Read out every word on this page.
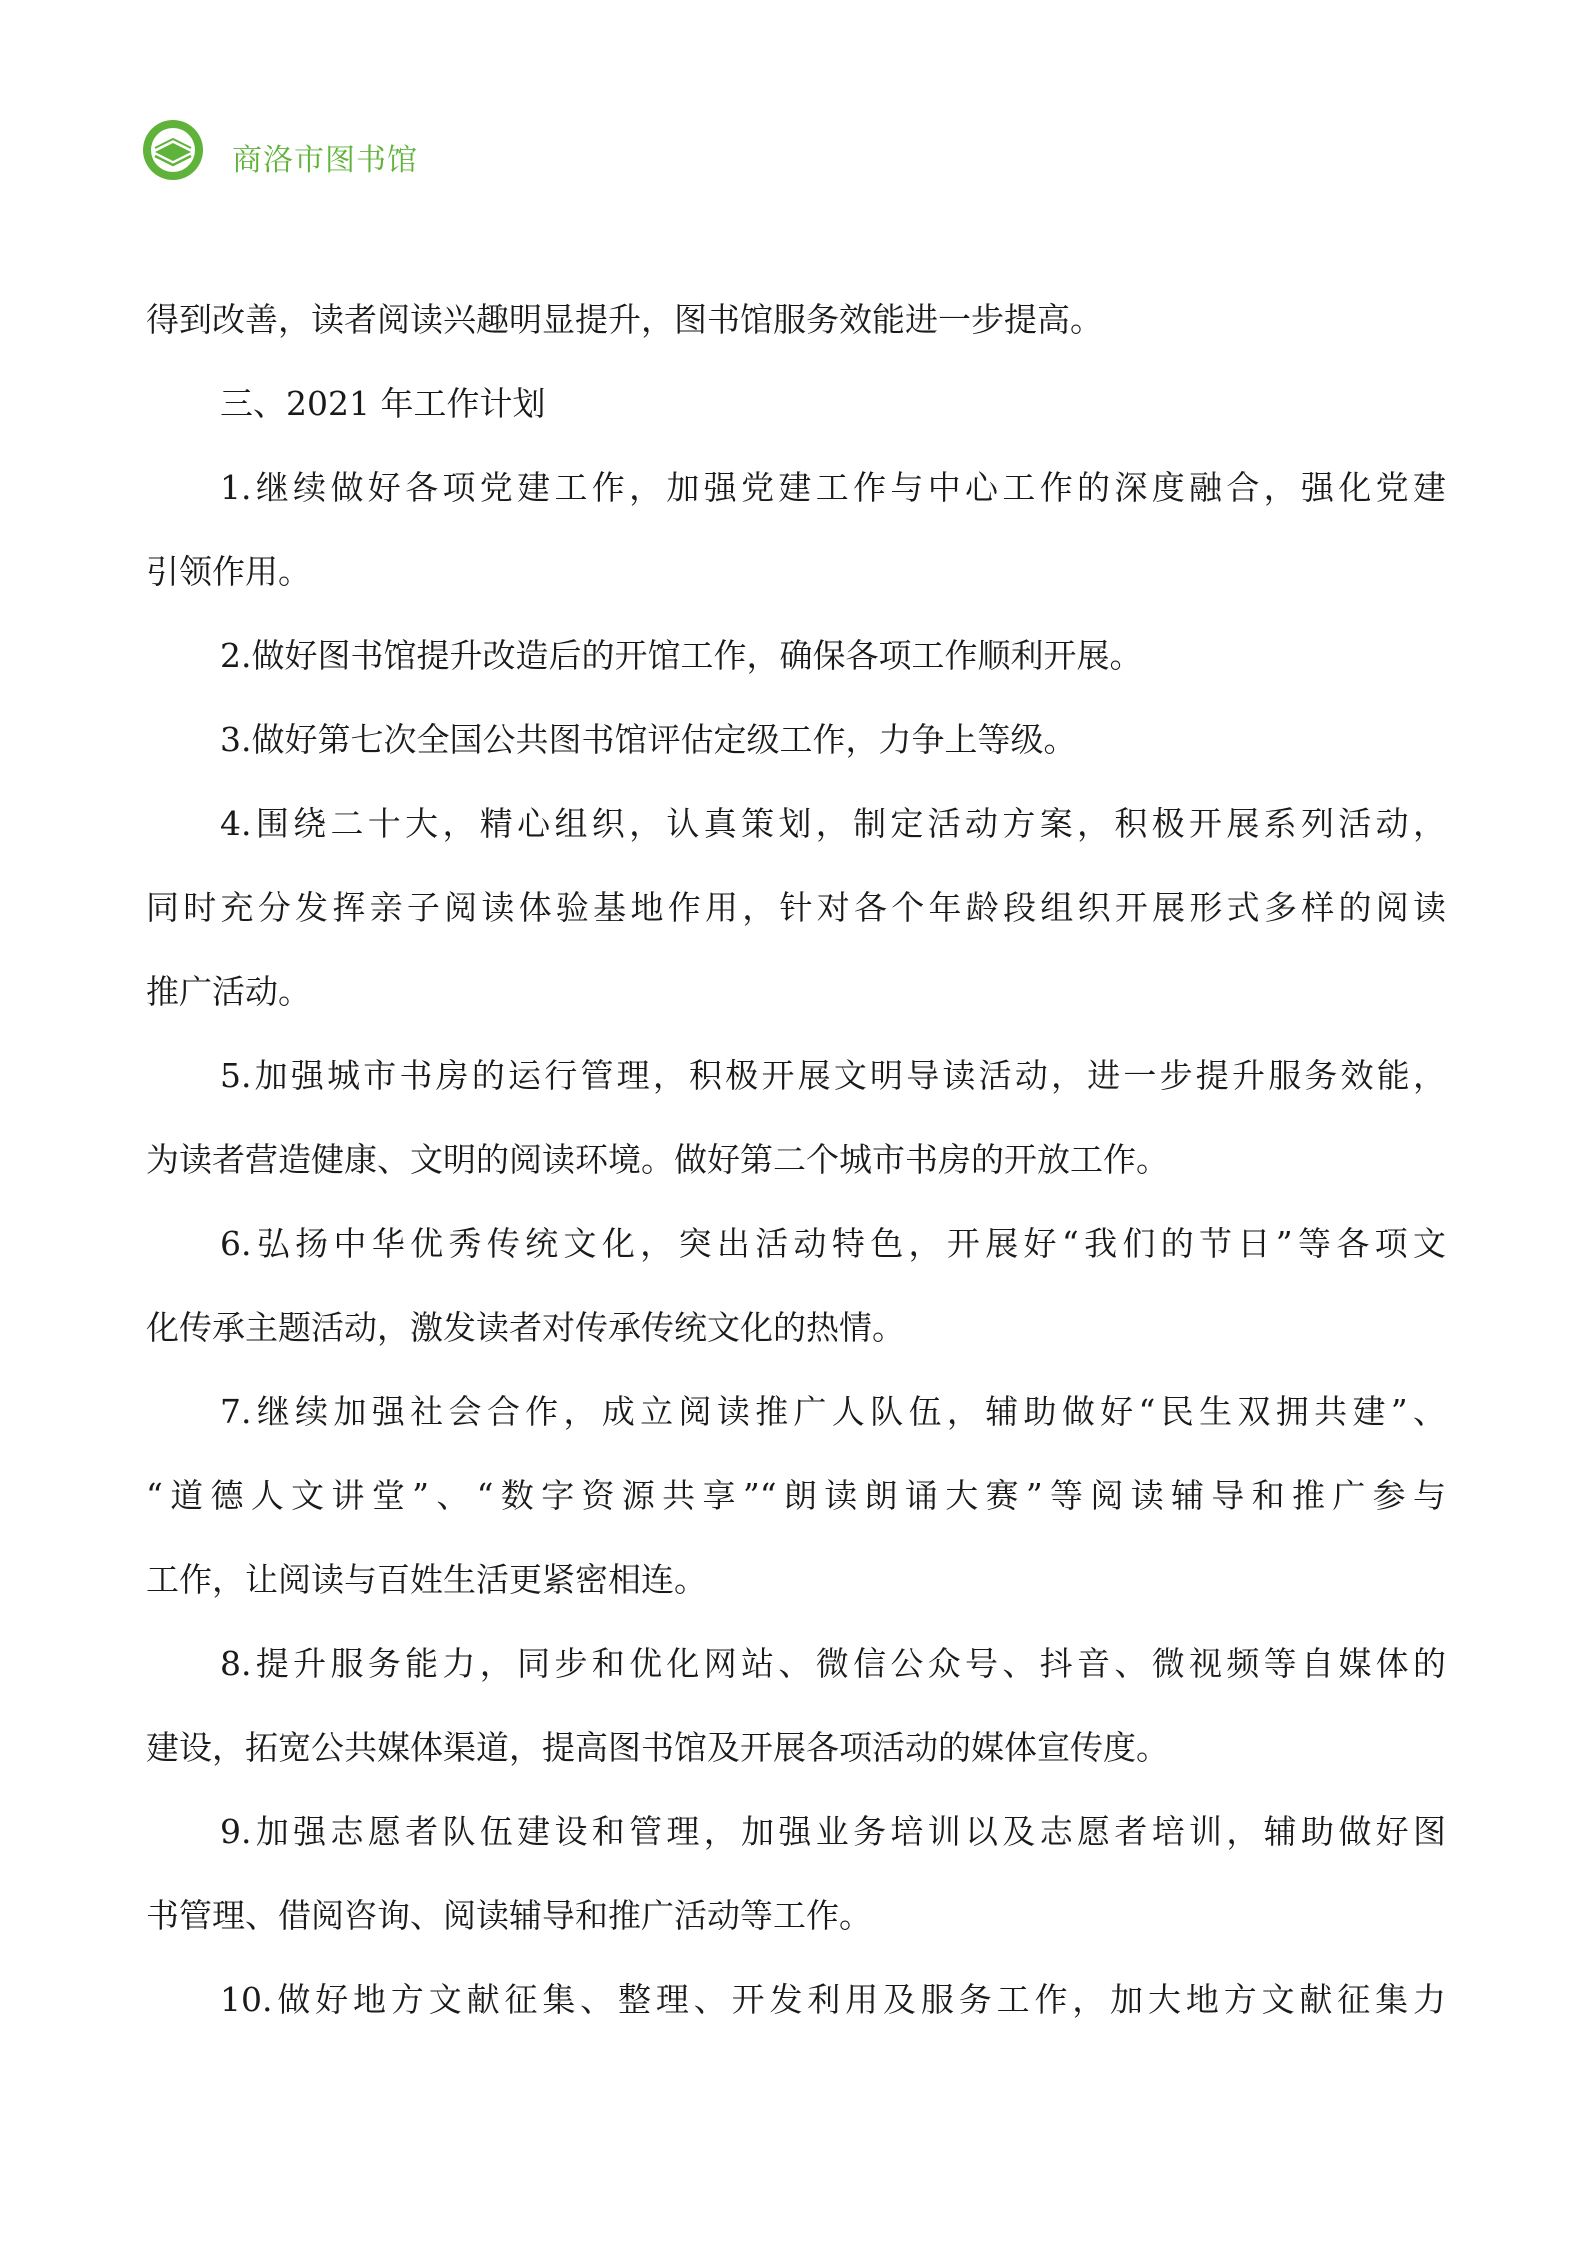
商洛市图书馆
得到改善，读者阅读兴趣明显提升，图书馆服务效能进一步提高。
三、2021 年工作计划
1.继续做好各项党建工作，加强党建工作与中心工作的深度融合，强化党建
引领作用。
2.做好图书馆提升改造后的开馆工作，确保各项工作顺利开展。
3.做好第七次全国公共图书馆评估定级工作，力争上等级。
4.围绕二十大，精心组织，认真策划，制定活动方案，积极开展系列活动，
同时充分发挥亲子阅读体验基地作用，针对各个年龄段组织开展形式多样的阅读
推广活动。
5.加强城市书房的运行管理，积极开展文明导读活动，进一步提升服务效能，
为读者营造健康、文明的阅读环境。做好第二个城市书房的开放工作。
6.弘扬中华优秀传统文化，突出活动特色，开展好“我们的节日”等各项文
化传承主题活动，激发读者对传承传统文化的热情。
7.继续加强社会合作，成立阅读推广人队伍，辅助做好“民生双拥共建”、
“道德人文讲堂”、“数字资源共享”“朗读朗诵大赛”等阅读辅导和推广参与
工作，让阅读与百姓生活更紧密相连。
8.提升服务能力，同步和优化网站、微信公众号、抖音、微视频等自媒体的
建设，拓宽公共媒体渠道，提高图书馆及开展各项活动的媒体宣传度。
9.加强志愿者队伍建设和管理，加强业务培训以及志愿者培训，辅助做好图
书管理、借阅咨询、阅读辅导和推广活动等工作。
10.做好地方文献征集、整理、开发利用及服务工作，加大地方文献征集力
